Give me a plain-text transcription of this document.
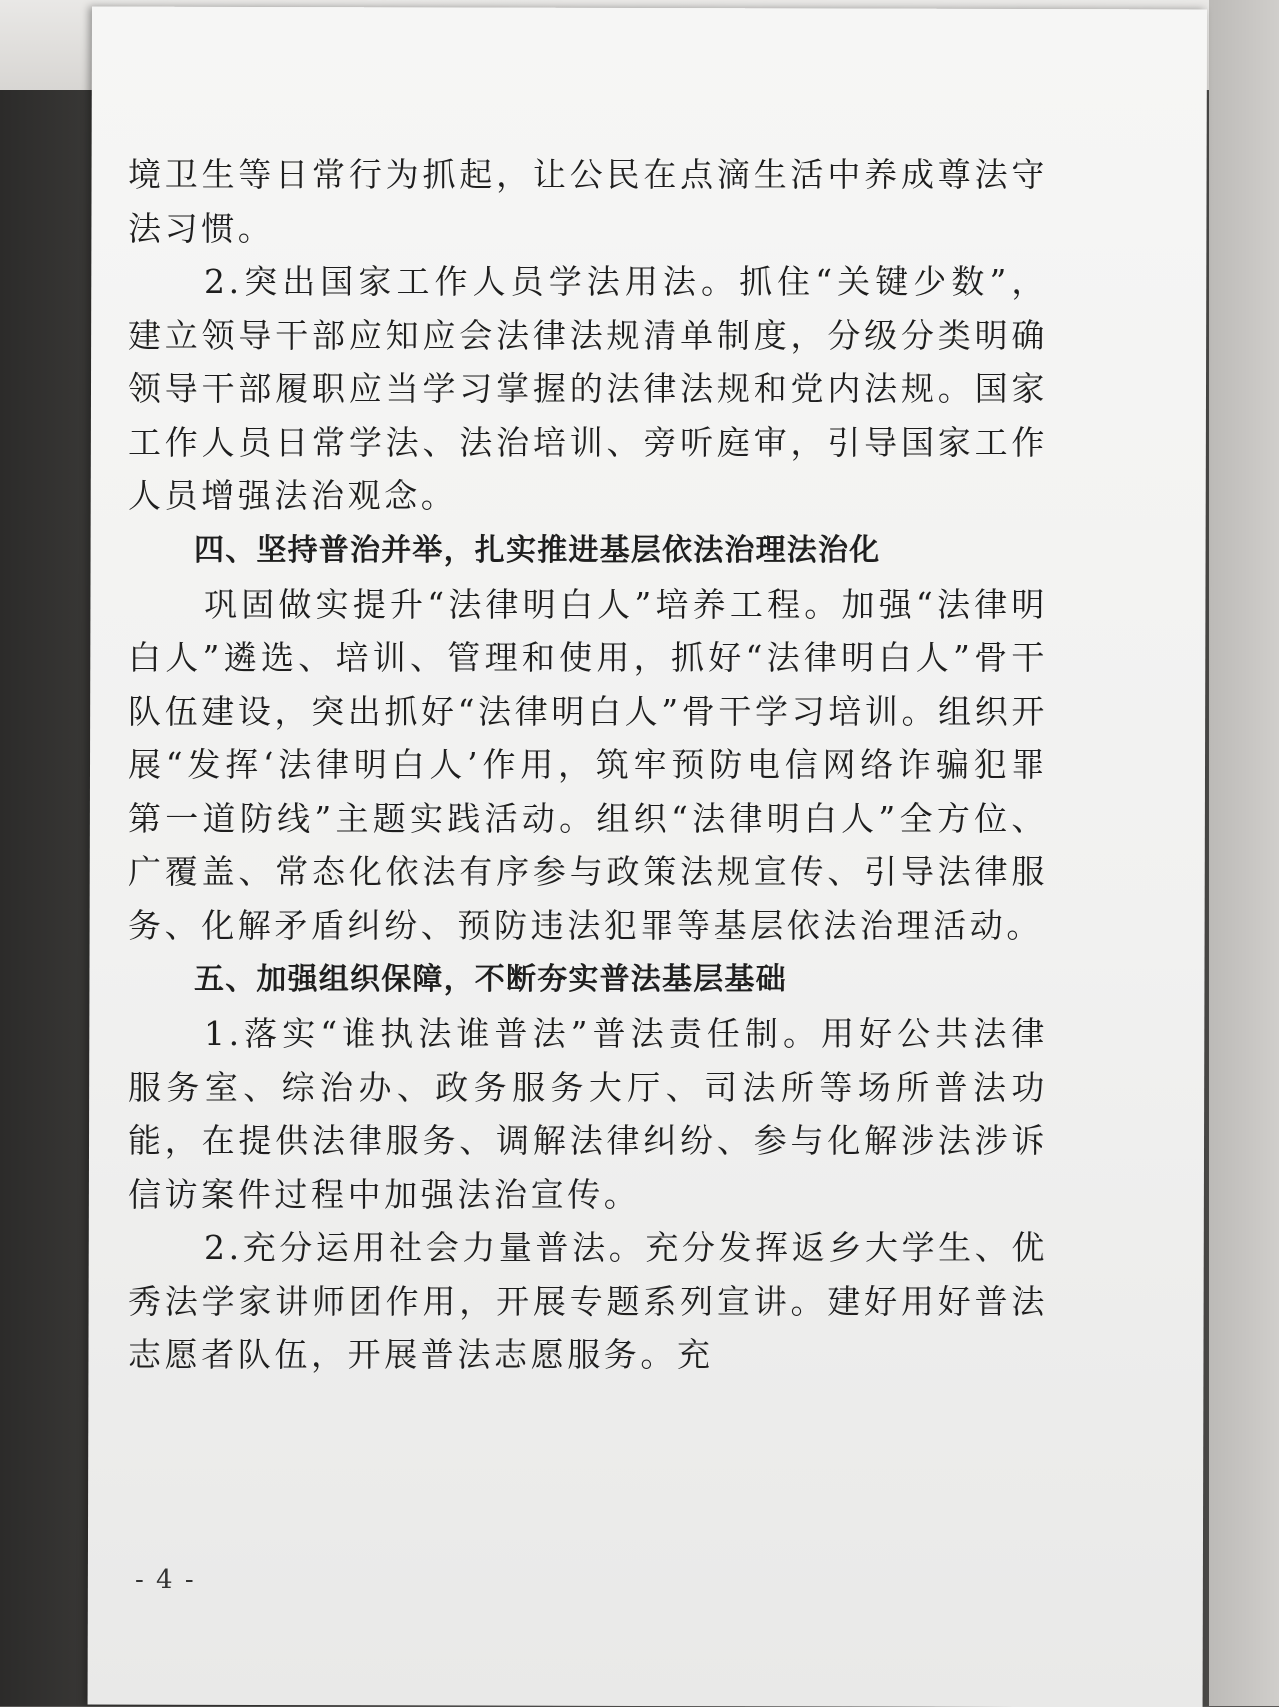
境卫生等日常行为抓起，让公民在点滴生活中养成尊法守法习惯。

2.突出国家工作人员学法用法。抓住“关键少数”，建立领导干部应知应会法律法规清单制度，分级分类明确领导干部履职应当学习掌握的法律法规和党内法规。国家工作人员日常学法、法治培训、旁听庭审，引导国家工作人员增强法治观念。

四、坚持普治并举，扎实推进基层依法治理法治化

巩固做实提升“法律明白人”培养工程。加强“法律明白人”遴选、培训、管理和使用，抓好“法律明白人”骨干队伍建设，突出抓好“法律明白人”骨干学习培训。组织开展“发挥‘法律明白人’作用，筑牢预防电信网络诈骗犯罪第一道防线”主题实践活动。组织“法律明白人”全方位、广覆盖、常态化依法有序参与政策法规宣传、引导法律服务、化解矛盾纠纷、预防违法犯罪等基层依法治理活动。

五、加强组织保障，不断夯实普法基层基础

1.落实“谁执法谁普法”普法责任制。用好公共法律服务室、综治办、政务服务大厅、司法所等场所普法功能，在提供法律服务、调解法律纠纷、参与化解涉法涉诉信访案件过程中加强法治宣传。

2.充分运用社会力量普法。充分发挥返乡大学生、优秀法学家讲师团作用，开展专题系列宣讲。建好用好普法志愿者队伍，开展普法志愿服务。充

- 4 -
